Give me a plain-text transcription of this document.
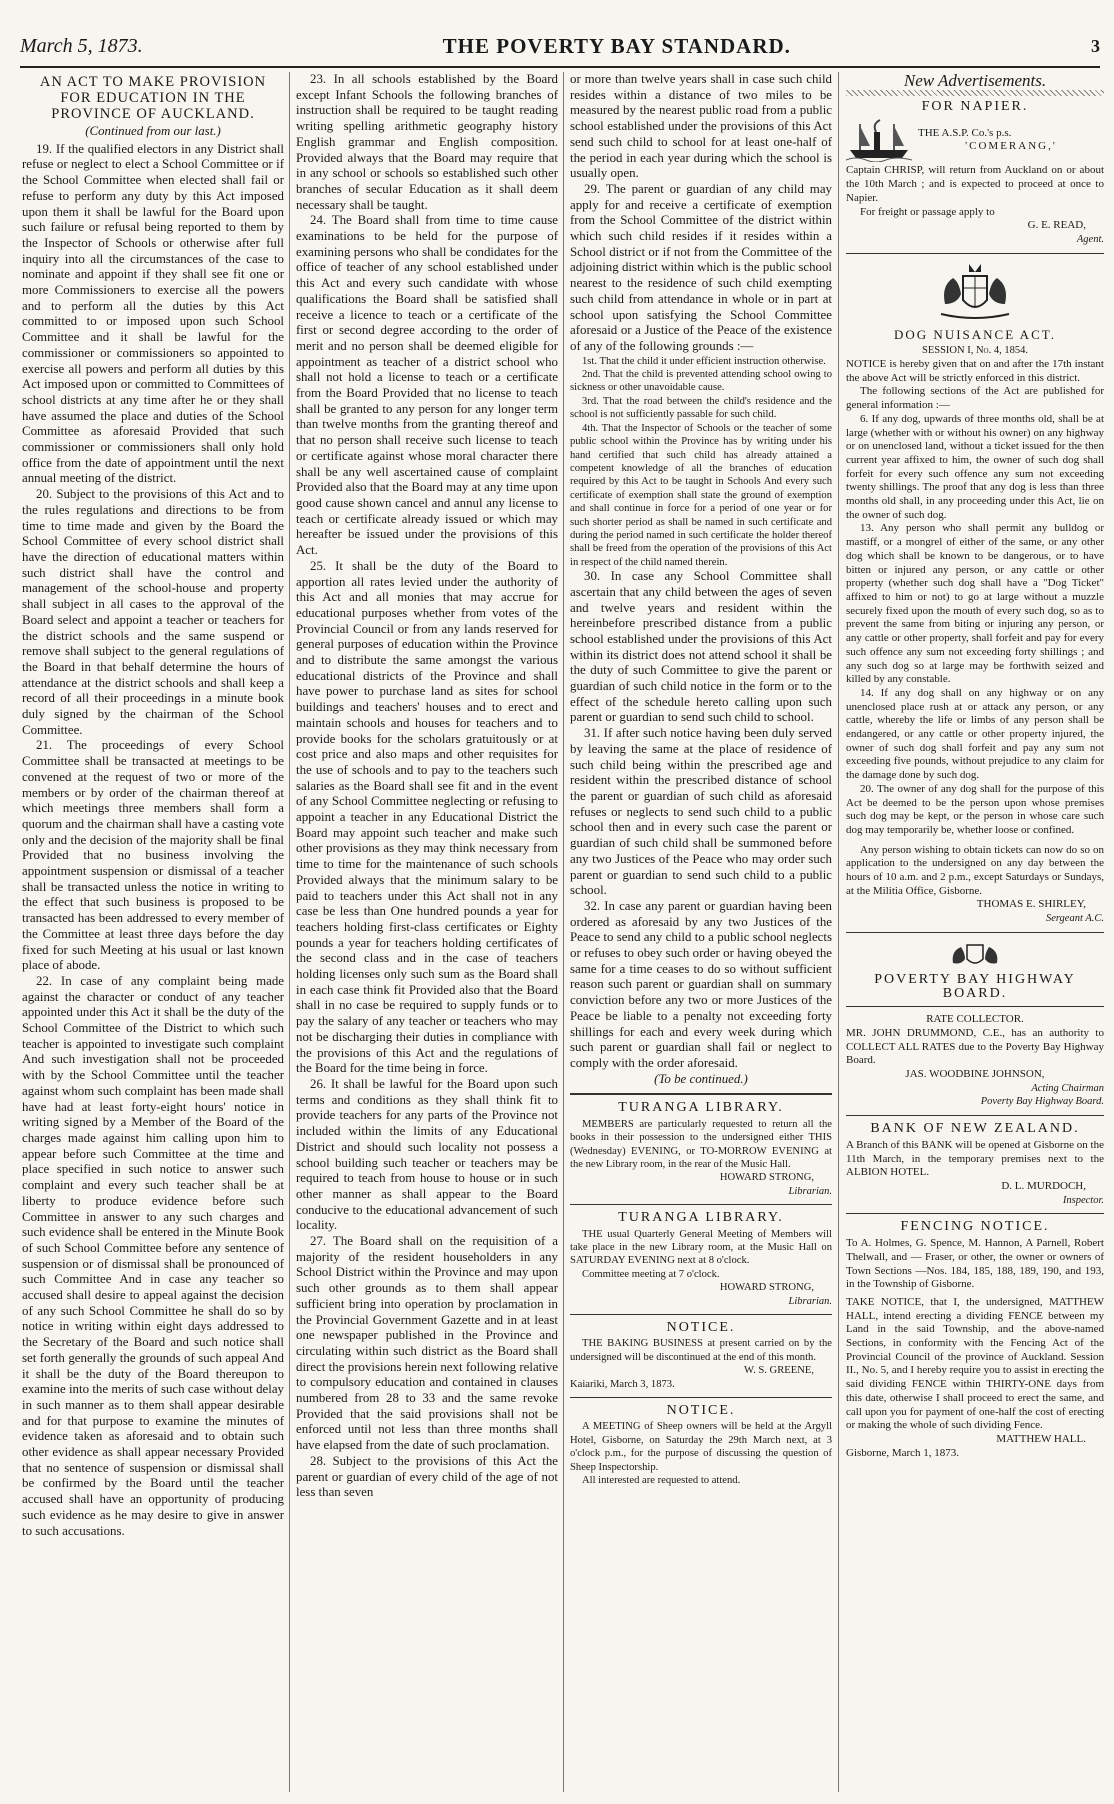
March 5, 1873.	THE POVERTY BAY STANDARD.	3
AN ACT TO MAKE PROVISION FOR EDUCATION IN THE PROVINCE OF AUCKLAND.
(Continued from our last.)

19. If the qualified electors in any District shall refuse or neglect to elect a School Committee or if the School Committee when elected shall fail or refuse to perform any duty by this Act imposed upon them it shall be lawful for the Board upon such failure or refusal being reported to them by the Inspector of Schools or otherwise after full inquiry into all the circumstances of the case to nominate and appoint if they shall see fit one or more Commissioners to exercise all the powers and to perform all the duties by this Act committed to or imposed upon such School Committee and it shall be lawful for the commissioner or commissioners so appointed to exercise all powers and perform all duties by this Act imposed upon or committed to Committees of school districts at any time after he or they shall have assumed the place and duties of the School Committee as aforesaid Provided that such commissioner or commissioners shall only hold office from the date of appointment until the next annual meeting of the district.

20. Subject to the provisions of this Act and to the rules regulations and directions to be from time to time made and given by the Board the School Committee of every school district shall have the direction of educational matters within such district shall have the control and management of the school-house and property shall subject in all cases to the approval of the Board select and appoint a teacher or teachers for the district schools and the same suspend or remove shall subject to the general regulations of the Board in that behalf determine the hours of attendance at the district schools and shall keep a record of all their proceedings in a minute book duly signed by the chairman of the School Committee.

21. The proceedings of every School Committee shall be transacted at meetings to be convened at the request of two or more of the members or by order of the chairman thereof at which meetings three members shall form a quorum and the chairman shall have a casting vote only and the decision of the majority shall be final Provided that no business involving the appointment suspension or dismissal of a teacher shall be transacted unless the notice in writing to the effect that such business is proposed to be transacted has been addressed to every member of the Committee at least three days before the day fixed for such Meeting at his usual or last known place of abode.

22. In case of any complaint being made against the character or conduct of any teacher appointed under this Act it shall be the duty of the School Committee of the District to which such teacher is appointed to investigate such complaint And such investigation shall not be proceeded with by the School Committee until the teacher against whom such complaint has been made shall have had at least forty-eight hours' notice in writing signed by a Member of the Board of the charges made against him calling upon him to appear before such Committee at the time and place specified in such notice to answer such complaint and every such teacher shall be at liberty to produce evidence before such Committee in answer to any such charges and such evidence shall be entered in the Minute Book of such School Committee before any sentence of suspension or of dismissal shall be pronounced of such Committee And in case any teacher so accused shall desire to appeal against the decision of any such School Committee he shall do so by notice in writing within eight days addressed to the Secretary of the Board and such notice shall set forth generally the grounds of such appeal And it shall be the duty of the Board thereupon to examine into the merits of such case without delay in such manner as to them shall appear desirable and for that purpose to examine the minutes of evidence taken as aforesaid and to obtain such other evidence as shall appear necessary Provided that no sentence of suspension or dismissal shall be confirmed by the Board until the teacher accused shall have an opportunity of producing such evidence as he may desire to give in answer to such accusations.

23. In all schools established by the Board except Infant Schools the following branches of instruction shall be required to be taught reading writing spelling arithmetic geography history English grammar and English composition. Provided always that the Board may require that in any school or schools so established such other branches of secular Education as it shall deem necessary shall be taught.

24. The Board shall from time to time cause examinations to be held for the purpose of examining persons who shall be condidates for the office of teacher of any school established under this Act and every such candidate with whose qualifications the Board shall be satisfied shall receive a licence to teach or a certificate of the first or second degree according to the order of merit and no person shall be deemed eligible for appointment as teacher of a district school who shall not hold a license to teach or a certificate from the Board Provided that no license to teach shall be granted to any person for any longer term than twelve months from the granting thereof and that no person shall receive such license to teach or certificate against whose moral character there shall be any well ascertained cause of complaint Provided also that the Board may at any time upon good cause shown cancel and annul any license to teach or certificate already issued or which may hereafter be issued under the provisions of this Act.

25. It shall be the duty of the Board to apportion all rates levied under the authority of this Act and all monies that may accrue for educational purposes whether from votes of the Provincial Council or from any lands reserved for general purposes of education within the Province and to distribute the same amongst the various educational districts of the Province and shall have power to purchase land as sites for school buildings and teachers' houses and to erect and maintain schools and houses for teachers and to provide books for the scholars gratuitously or at cost price and also maps and other requisites for the use of schools and to pay to the teachers such salaries as the Board shall see fit and in the event of any School Committee neglecting or refusing to appoint a teacher in any Educational District the Board may appoint such teacher and make such other provisions as they may think necessary from time to time for the maintenance of such schools Provided always that the minimum salary to be paid to teachers under this Act shall not in any case be less than One hundred pounds a year for teachers holding first-class certificates or Eighty pounds a year for teachers holding certificates of the second class and in the case of teachers holding licenses only such sum as the Board shall in each case think fit Provided also that the Board shall in no case be required to supply funds or to pay the salary of any teacher or teachers who may not be discharging their duties in compliance with the provisions of this Act and the regulations of the Board for the time being in force.

26. It shall be lawful for the Board upon such terms and conditions as they shall think fit to provide teachers for any parts of the Province not included within the limits of any Educational District and should such locality not possess a school building such teacher or teachers may be required to teach from house to house or in such other manner as shall appear to the Board conducive to the educational advancement of such locality.

27. The Board shall on the requisition of a majority of the resident householders in any School District within the Province and may upon such other grounds as to them shall appear sufficient bring into operation by proclamation in the Provincial Government Gazette and in at least one newspaper published in the Province and circulating within such district as the Board shall direct the provisions herein next following relative to compulsory education and contained in clauses numbered from 28 to 33 and the same revoke Provided that the said provisions shall not be enforced until not less than three months shall have elapsed from the date of such proclamation.

28. Subject to the provisions of this Act the parent or guardian of every child of the age of not less than seven

or more than twelve years shall in case such child resides within a distance of two miles to be measured by the nearest public road from a public school established under the provisions of this Act send such child to school for at least one-half of the period in each year during which the school is usually open.

29. The parent or guardian of any child may apply for and receive a certificate of exemption from the School Committee of the district within which such child resides if it resides within a School district or if not from the Committee of the adjoining district within which is the public school nearest to the residence of such child exempting such child from attendance in whole or in part at school upon satisfying the School Committee aforesaid or a Justice of the Peace of the existence of any of the following grounds :—

1st. That the child it under efficient instruction otherwise.

2nd. That the child is prevented attending school owing to sickness or other unavoidable cause.

3rd. That the road between the child's residence and the school is not sufficiently passable for such child.

4th. That the Inspector of Schools or the teacher of some public school within the Province has by writing under his hand certified that such child has already attained a competent knowledge of all the branches of education required by this Act to be taught in Schools And every such certificate of exemption shall state the ground of exemption and shall continue in force for a period of one year or for such shorter period as shall be named in such certificate and during the period named in such certificate the holder thereof shall be freed from the operation of the provisions of this Act in respect of the child named therein.

30. In case any School Committee shall ascertain that any child between the ages of seven and twelve years and resident within the hereinbefore prescribed distance from a public school established under the provisions of this Act within its district does not attend school it shall be the duty of such Committee to give the parent or guardian of such child notice in the form or to the effect of the schedule hereto calling upon such parent or guardian to send such child to school.

31. If after such notice having been duly served by leaving the same at the place of residence of such child being within the prescribed age and resident within the prescribed distance of school the parent or guardian of such child as aforesaid refuses or neglects to send such child to a public school then and in every such case the parent or guardian of such child shall be summoned before any two Justices of the Peace who may order such parent or guardian to send such child to a public school.

32. In case any parent or guardian having been ordered as aforesaid by any two Justices of the Peace to send any child to a public school neglects or refuses to obey such order or having obeyed the same for a time ceases to do so without sufficient reason such parent or guardian shall on summary conviction before any two or more Justices of the Peace be liable to a penalty not exceeding forty shillings for each and every week during which such parent or guardian shall fail or neglect to comply with the order aforesaid.

(To be continued.)

TURANGA LIBRARY.

MEMBERS are particularly requested to return all the books in their possession to the undersigned either THIS (Wednesday) EVENING, or TO-MORROW EVENING at the new Library room, in the rear of the Music Hall.

HOWARD STRONG,

Librarian.

TURANGA LIBRARY.

THE usual Quarterly General Meeting of Members will take place in the new Library room, at the Music Hall on SATURDAY EVENING next at 8 o'clock.

Committee meeting at 7 o'clock.

HOWARD STRONG,

Librarian.

NOTICE.

THE BAKING BUSINESS at present carried on by the undersigned will be discontinued at the end of this month.

W. S. GREENE,

Kaiariki, March 3, 1873.

NOTICE.

A MEETING of Sheep owners will be held at the Argyll Hotel, Gisborne, on Saturday the 29th March next, at 3 o'clock p.m., for the purpose of discussing the question of Sheep Inspectorship.

All interested are requested to attend.

New Advertisements.
FOR NAPIER.

THE A.S.P. Co.'s p.s.

'COMERANG,'

Captain CHRISP, will return from Auckland on or about the 10th March ; and is expected to proceed at once to Napier.

For freight or passage apply to

G. E. READ,

Agent.

DOG NUISANCE ACT.

SESSION I, No. 4, 1854.

NOTICE is hereby given that on and after the 17th instant the above Act will be strictly enforced in this district.

The following sections of the Act are published for general information :—

6. If any dog, upwards of three months old, shall be at large (whether with or without his owner) on any highway or on unenclosed land, without a ticket issued for the then current year affixed to him, the owner of such dog shall forfeit for every such offence any sum not exceeding twenty shillings. The proof that any dog is less than three months old shall, in any proceeding under this Act, lie on the owner of such dog.

13. Any person who shall permit any bulldog or mastiff, or a mongrel of either of the same, or any other dog which shall be known to be dangerous, or to have bitten or injured any person, or any cattle or other property (whether such dog shall have a "Dog Ticket" affixed to him or not) to go at large without a muzzle securely fixed upon the mouth of every such dog, so as to prevent the same from biting or injuring any person, or any cattle or other property, shall forfeit and pay for every such offence any sum not exceeding forty shillings ; and any such dog so at large may be forthwith seized and killed by any constable.

14. If any dog shall on any highway or on any unenclosed place rush at or attack any person, or any cattle, whereby the life or limbs of any person shall be endangered, or any cattle or other property injured, the owner of such dog shall forfeit and pay any sum not exceeding five pounds, without prejudice to any claim for the damage done by such dog.

20. The owner of any dog shall for the purpose of this Act be deemed to be the person upon whose premises such dog may be kept, or the person in whose care such dog may temporarily be, whether loose or confined.

Any person wishing to obtain tickets can now do so on application to the undersigned on any day between the hours of 10 a.m. and 2 p.m., except Saturdays or Sundays, at the Militia Office, Gisborne.

THOMAS E. SHIRLEY,

Sergeant A.C.

POVERTY BAY HIGHWAY BOARD.

RATE COLLECTOR.

MR. JOHN DRUMMOND, C.E., has an authority to COLLECT ALL RATES due to the Poverty Bay Highway Board.

JAS. WOODBINE JOHNSON,

Acting Chairman

Poverty Bay Highway Board.

BANK OF NEW ZEALAND.

A Branch of this BANK will be opened at Gisborne on the 11th March, in the temporary premises next to the ALBION HOTEL.

D. L. MURDOCH,

Inspector.

FENCING NOTICE.

To A. Holmes, G. Spence, M. Hannon, A Parnell, Robert Thelwall, and — Fraser, or other, the owner or owners of Town Sections —Nos. 184, 185, 188, 189, 190, and 193, in the Township of Gisborne.

TAKE NOTICE, that I, the undersigned, MATTHEW HALL, intend erecting a dividing FENCE between my Land in the said Township, and the above-named Sections, in conformity with the Fencing Act of the Provincial Council of the province of Auckland. Session II., No. 5, and I hereby require you to assist in erecting the said dividing FENCE within THIRTY-ONE days from this date, otherwise I shall proceed to erect the same, and call upon you for payment of one-half the cost of erecting or making the whole of such dividing Fence.

MATTHEW HALL.

Gisborne, March 1, 1873.
